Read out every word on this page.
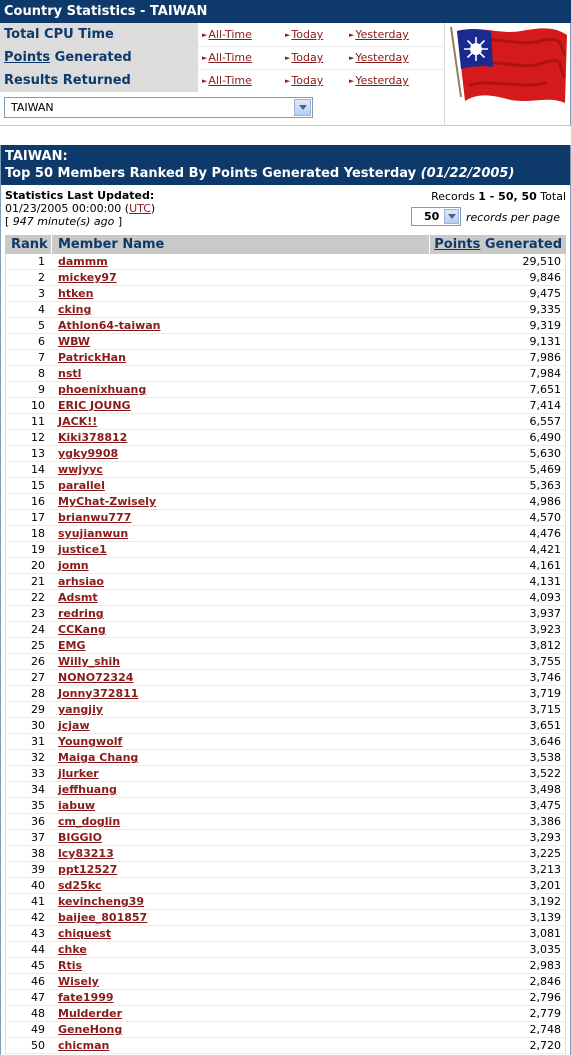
Country Statistics - TAIWAN
Total CPU Time	►All-Time	►Today	►Yesterday
Points Generated	►All-Time	►Today	►Yesterday
Results Returned	►All-Time	►Today	►Yesterday
TAIWAN
TAIWAN:
Top 50 Members Ranked By Points Generated Yesterday (01/22/2005)
Statistics Last Updated:
01/23/2005 00:00:00 (UTC)
[ 947 minute(s) ago ]
Records 1 - 50, 50 Total
50 records per page
Rank Member Name	Points Generated
1 dammm	29,510
2 mickey97	9,846
3 htken	9,475
4 cking	9,335
5 Athlon64-taiwan	9,319
6 WBW	9,131
7 PatrickHan	7,986
8 nstl	7,984
9 phoenixhuang	7,651
10 ERIC JOUNG	7,414
11 JACK!!	6,557
12 Kiki378812	6,490
13 ygky9908	5,630
14 wwjyyc	5,469
15 parallel	5,363
16 MyChat-Zwisely	4,986
17 brianwu777	4,570
18 syujianwun	4,476
19 justice1	4,421
20 jomn	4,161
21 arhsiao	4,131
22 Adsmt	4,093
23 redring	3,937
24 CCKang	3,923
25 EMG	3,812
26 Willy_shih	3,755
27 NONO72324	3,746
28 Jonny372811	3,719
29 yangjiy	3,715
30 jcjaw	3,651
31 Youngwolf	3,646
32 Maiga Chang	3,538
33 jlurker	3,522
34 jeffhuang	3,498
35 iabuw	3,475
36 cm_doglin	3,386
37 BIGGIO	3,293
38 lcy83213	3,225
39 ppt12527	3,213
40 sd25kc	3,201
41 kevincheng39	3,192
42 baijee_801857	3,139
43 chiquest	3,081
44 chke	3,035
45 Rtis	2,983
46 Wisely	2,846
47 fate1999	2,796
48 Mulderder	2,779
49 GeneHong	2,748
50 chicman	2,720
